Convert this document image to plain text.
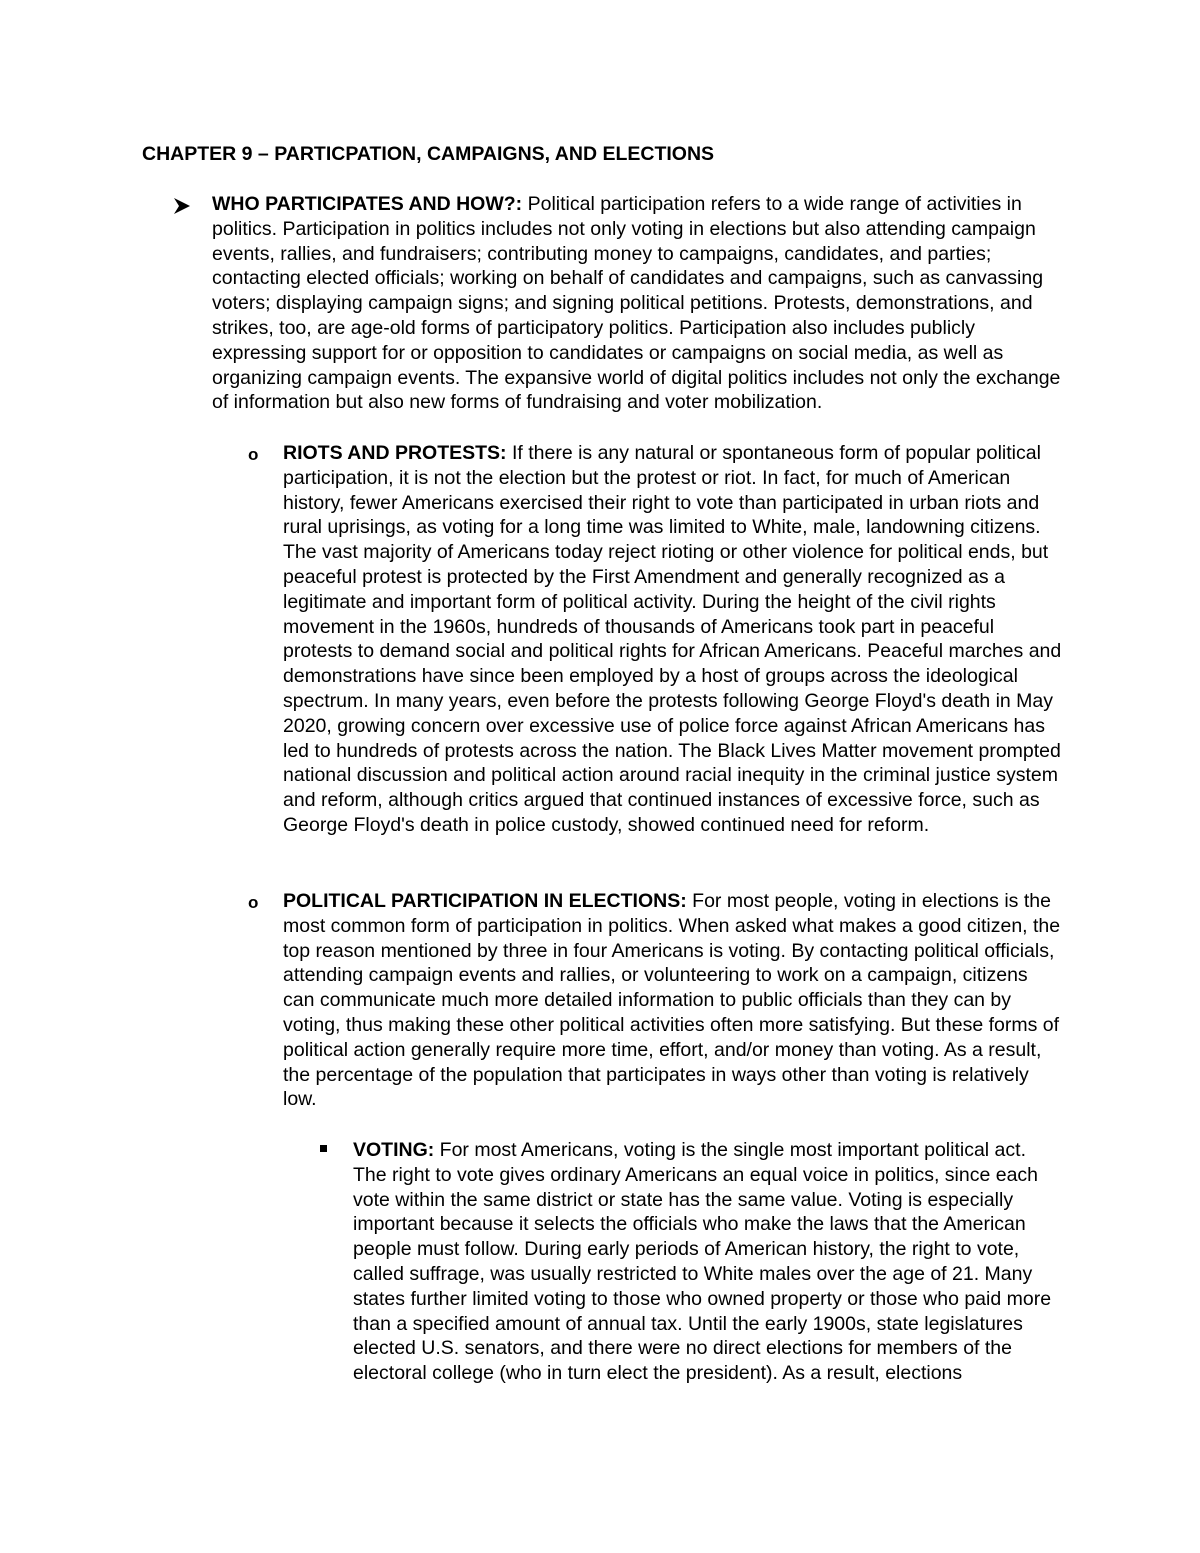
CHAPTER 9 – PARTICPATION, CAMPAIGNS, AND ELECTIONS
WHO PARTICIPATES AND HOW?: Political participation refers to a wide range of activities in politics. Participation in politics includes not only voting in elections but also attending campaign events, rallies, and fundraisers; contributing money to campaigns, candidates, and parties; contacting elected officials; working on behalf of candidates and campaigns, such as canvassing voters; displaying campaign signs; and signing political petitions. Protests, demonstrations, and strikes, too, are age-old forms of participatory politics. Participation also includes publicly expressing support for or opposition to candidates or campaigns on social media, as well as organizing campaign events. The expansive world of digital politics includes not only the exchange of information but also new forms of fundraising and voter mobilization.
o RIOTS AND PROTESTS: If there is any natural or spontaneous form of popular political participation, it is not the election but the protest or riot. In fact, for much of American history, fewer Americans exercised their right to vote than participated in urban riots and rural uprisings, as voting for a long time was limited to White, male, landowning citizens. The vast majority of Americans today reject rioting or other violence for political ends, but peaceful protest is protected by the First Amendment and generally recognized as a legitimate and important form of political activity. During the height of the civil rights movement in the 1960s, hundreds of thousands of Americans took part in peaceful protests to demand social and political rights for African Americans. Peaceful marches and demonstrations have since been employed by a host of groups across the ideological spectrum. In many years, even before the protests following George Floyd's death in May 2020, growing concern over excessive use of police force against African Americans has led to hundreds of protests across the nation. The Black Lives Matter movement prompted national discussion and political action around racial inequity in the criminal justice system and reform, although critics argued that continued instances of excessive force, such as George Floyd's death in police custody, showed continued need for reform.
o POLITICAL PARTICIPATION IN ELECTIONS: For most people, voting in elections is the most common form of participation in politics. When asked what makes a good citizen, the top reason mentioned by three in four Americans is voting. By contacting political officials, attending campaign events and rallies, or volunteering to work on a campaign, citizens can communicate much more detailed information to public officials than they can by voting, thus making these other political activities often more satisfying. But these forms of political action generally require more time, effort, and/or money than voting. As a result, the percentage of the population that participates in ways other than voting is relatively low.
VOTING: For most Americans, voting is the single most important political act. The right to vote gives ordinary Americans an equal voice in politics, since each vote within the same district or state has the same value. Voting is especially important because it selects the officials who make the laws that the American people must follow. During early periods of American history, the right to vote, called suffrage, was usually restricted to White males over the age of 21. Many states further limited voting to those who owned property or those who paid more than a specified amount of annual tax. Until the early 1900s, state legislatures elected U.S. senators, and there were no direct elections for members of the electoral college (who in turn elect the president). As a result, elections
